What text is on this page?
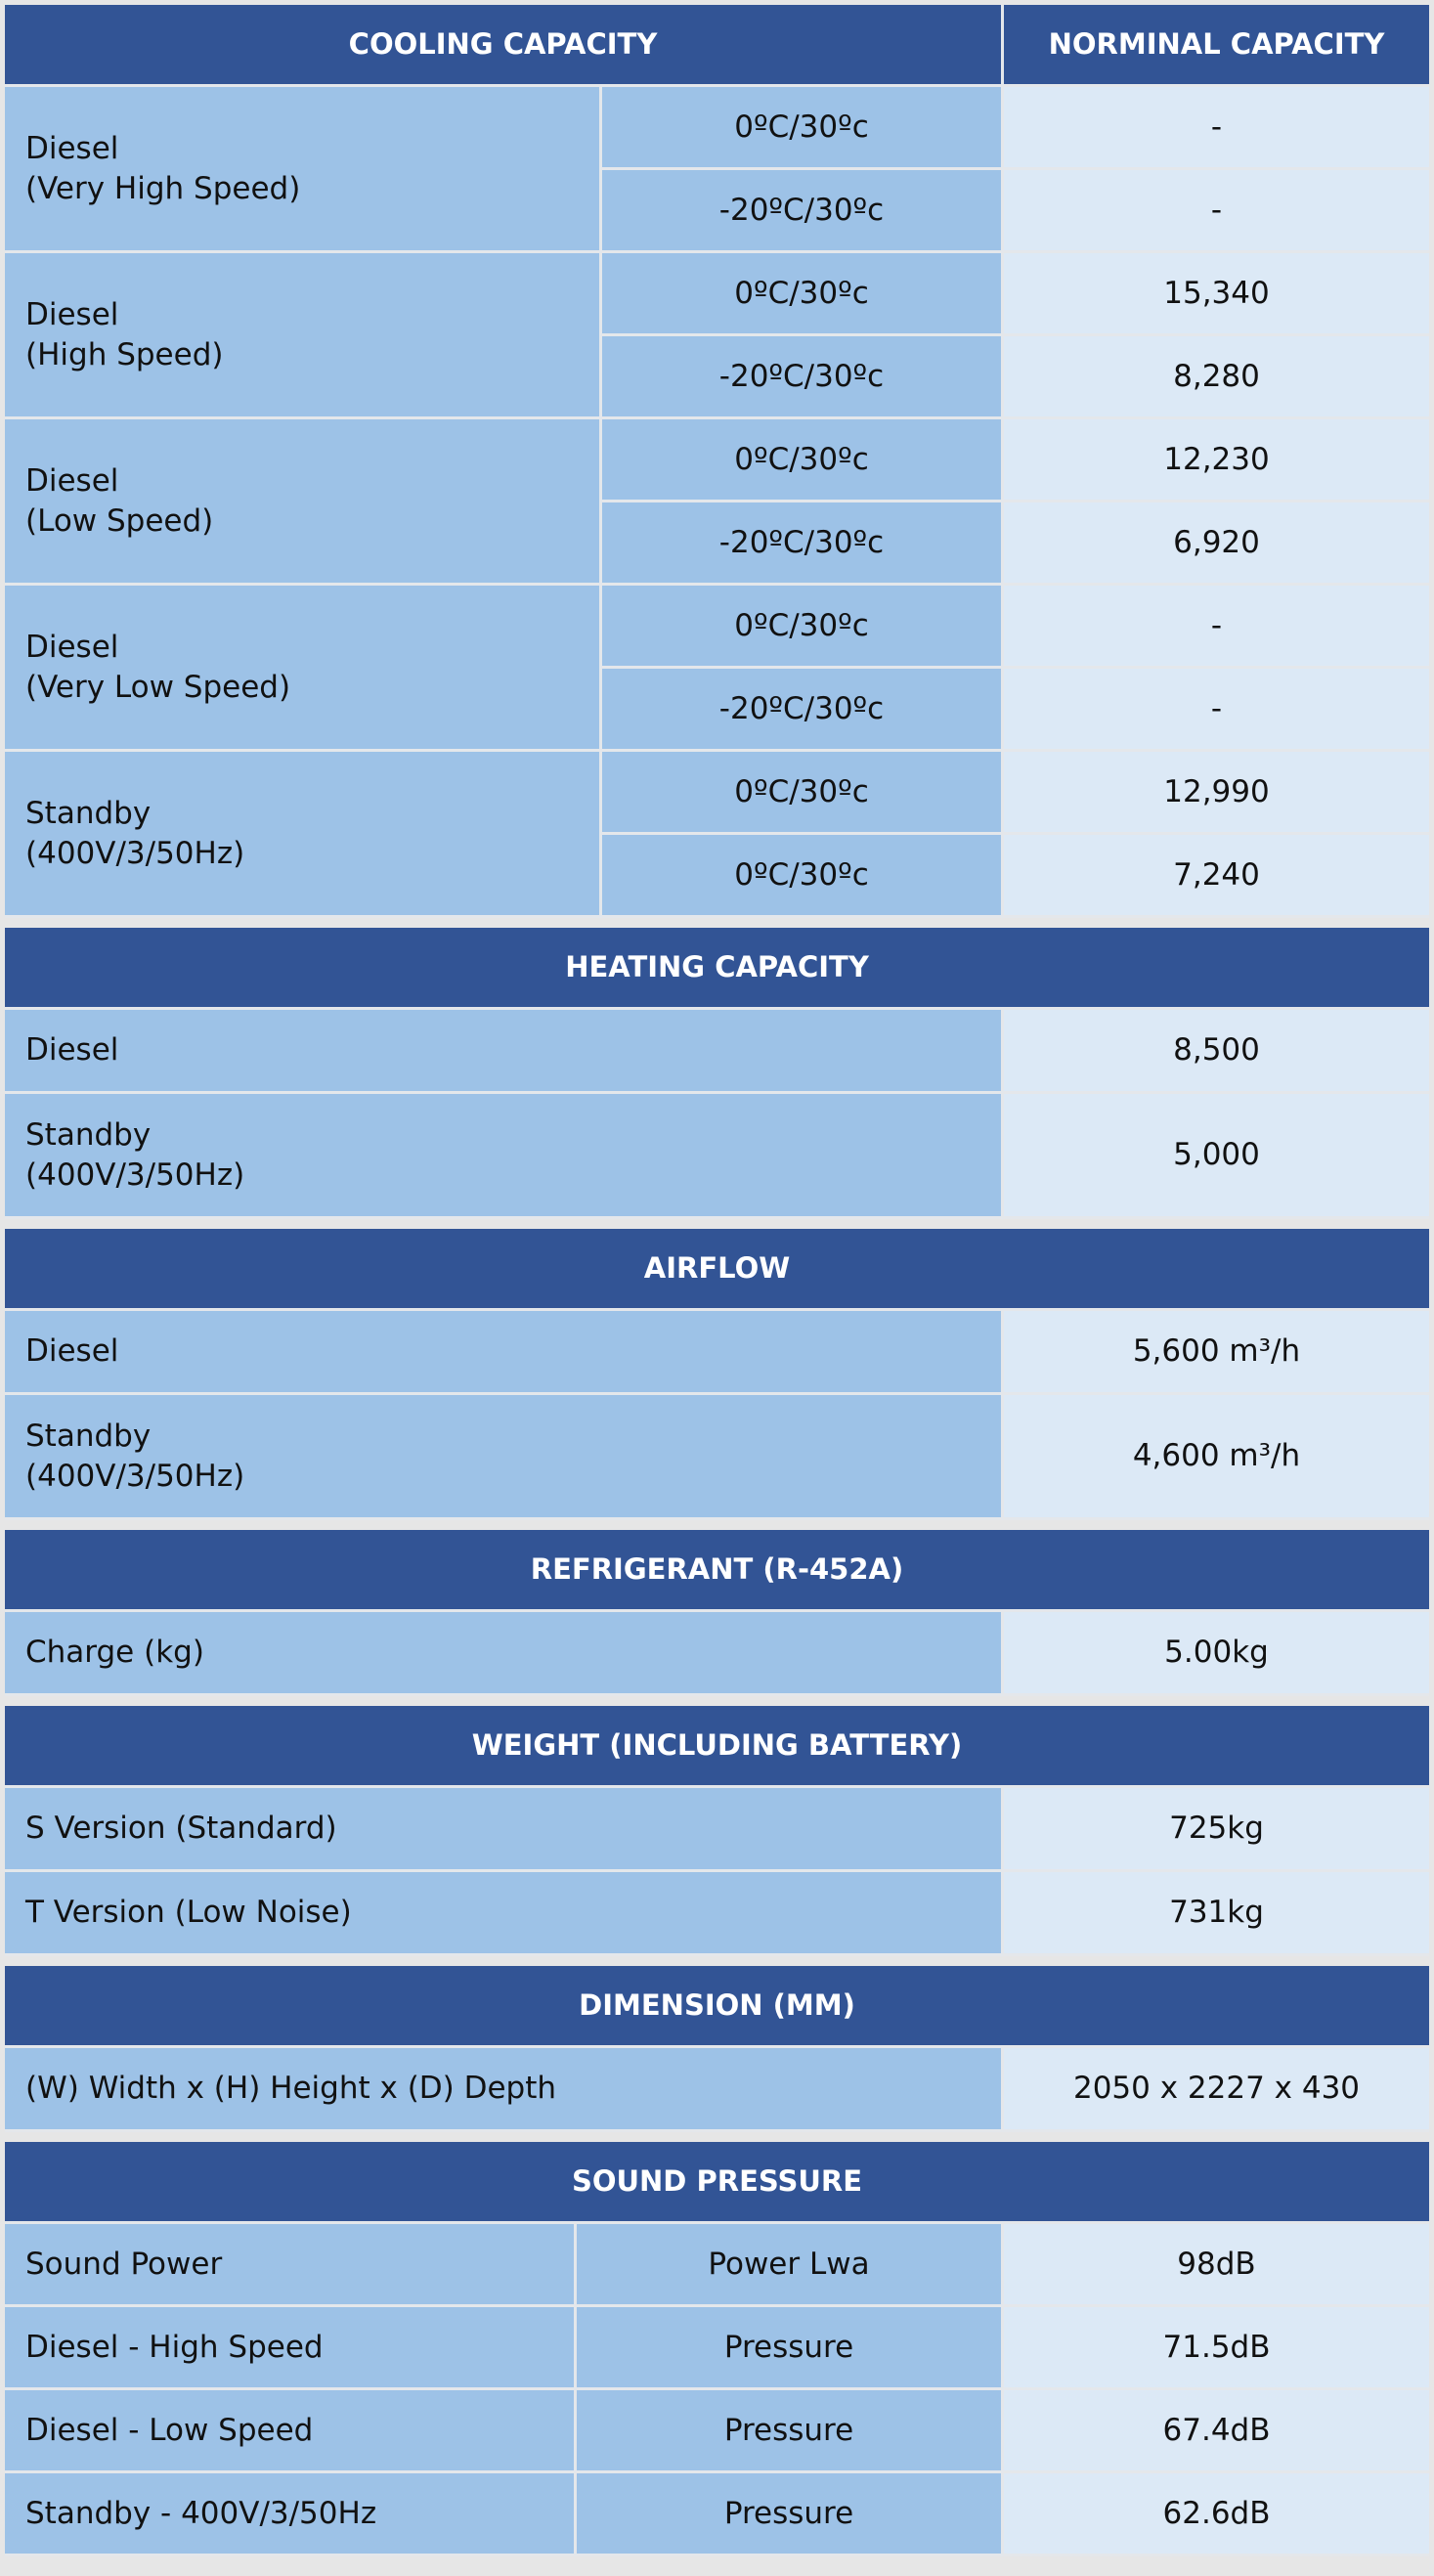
COOLING CAPACITY		NORMINAL CAPACITY

Diesel
(Very High Speed)	0ºC/30ºc	-
	-20ºC/30ºc	-

Diesel
(High Speed)	0ºC/30ºc	15,340
	-20ºC/30ºc	8,280

Diesel
(Low Speed)	0ºC/30ºc	12,230
	-20ºC/30ºc	6,920

Diesel
(Very Low Speed)	0ºC/30ºc	-
	-20ºC/30ºc	-

Standby
(400V/3/50Hz)	0ºC/30ºc	12,990
	0ºC/30ºc	7,240
HEATING CAPACITY	
Diesel	8,500

Standby
(400V/3/50Hz)	5,000
AIRFLOW	
Diesel	5,600 m³/h

Standby
(400V/3/50Hz)	4,600 m³/h
REFRIGERANT (R-452A)
Charge (kg)	5.00kg
WEIGHT (INCLUDING BATTERY)	
S Version (Standard)	725kg
T Version (Low Noise)	731kg
DIMENSION (MM)
(W) Width x (H) Height x (D) Depth	2050 x 2227 x 430
SOUND PRESSURE		
Sound Power	Power Lwa	98dB
Diesel - High Speed	Pressure	71.5dB
Diesel - Low Speed	Pressure	67.4dB
Standby - 400V/3/50Hz	Pressure	62.6dB
